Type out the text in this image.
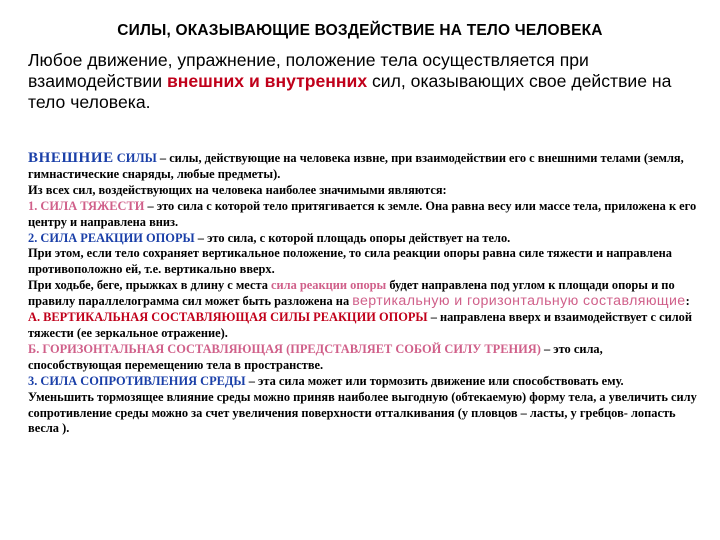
СИЛЫ, ОКАЗЫВАЮЩИЕ ВОЗДЕЙСТВИЕ НА ТЕЛО ЧЕЛОВЕКА
Любое движение, упражнение, положение тела осуществляется при взаимодействии внешних и внутренних сил, оказывающих свое действие на тело человека.

ВНЕШНИЕ СИЛЫ – силы, действующие на человека извне, при взаимодействии его с внешними телами (земля, гимнастические снаряды, любые предметы).

Из всех сил, воздействующих на человека наиболее значимыми являются:

1. СИЛА ТЯЖЕСТИ – это сила с которой тело притягивается к земле. Она равна весу или массе тела, приложена к его центру и направлена вниз.

2. СИЛА РЕАКЦИИ ОПОРЫ – это сила, с которой площадь опоры действует на тело.

При этом, если тело сохраняет вертикальное положение, то сила реакции опоры равна силе тяжести и направлена противоположно ей, т.е. вертикально вверх.

При ходьбе, беге, прыжках в длину с места сила реакции опоры будет направлена под углом к площади опоры и по правилу параллелограмма сил может быть разложена на вертикальную и горизонтальную составляющие:

А. ВЕРТИКАЛЬНАЯ СОСТАВЛЯЮЩАЯ СИЛЫ РЕАКЦИИ ОПОРЫ – направлена вверх и взаимодействует с силой тяжести (ее зеркальное отражение).

Б. ГОРИЗОНТАЛЬНАЯ СОСТАВЛЯЮЩАЯ (ПРЕДСТАВЛЯЕТ СОБОЙ СИЛУ ТРЕНИЯ) – это сила, способствующая перемещению тела в пространстве.

3. СИЛА СОПРОТИВЛЕНИЯ СРЕДЫ – эта сила может или тормозить движение или способствовать ему.

Уменьшить тормозящее влияние среды можно приняв наиболее выгодную (обтекаемую) форму тела, а увеличить силу сопротивление среды можно за счет увеличения поверхности отталкивания (у пловцов – ласты, у гребцов- лопасть весла ).
